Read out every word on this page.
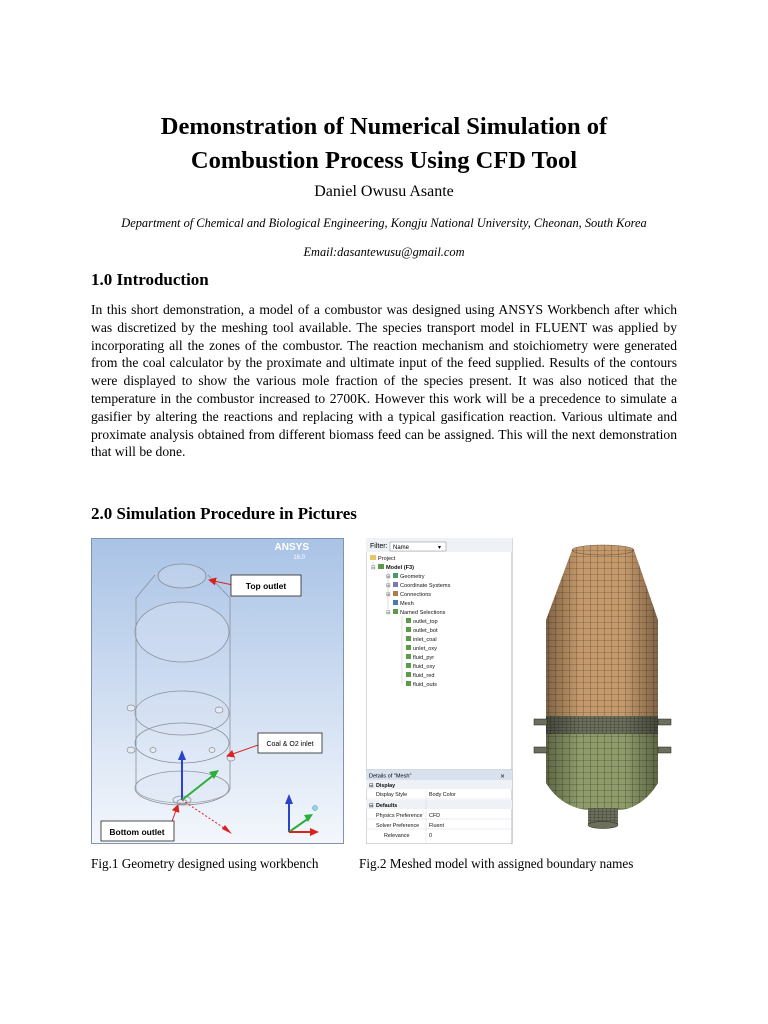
Demonstration of Numerical Simulation of
Combustion Process Using CFD Tool
Daniel Owusu Asante
Department of Chemical and Biological Engineering, Kongju National University, Cheonan, South Korea
Email:dasantewusu@gmail.com
1.0 Introduction
In this short demonstration, a model of a combustor was designed using ANSYS Workbench after which
was discretized by the meshing tool available. The species transport model in FLUENT was applied by
incorporating all the zones of the combustor. The reaction mechanism and stoichiometry were generated
from the coal calculator by the proximate and ultimate input of the feed supplied. Results of the contours
were displayed to show the various mole fraction of the species present. It was also noticed that the
temperature in the combustor increased to 2700K. However this work will be a precedence to simulate a
gasifier by altering the reactions and replacing with a typical gasification reaction. Various ultimate and
proximate analysis obtained from different biomass feed can be assigned. This will the next demonstration
that will be done.
2.0 Simulation Procedure in Pictures
ANSYS
16.0
Top outlet
Coal & O2 inlet
Bottom outlet
Filter: Name	▾
Project
⊟ Model (F3)
⊞ Geometry
⊞ Coordinate Systems
⊞ Connections
Mesh
⊟ Named Selections
outlet_top
outlet_bot
inlet_coal
unlet_oxy
fluid_pyr
fluid_oxy
fluid_red
fluid_outs
Details of "Mesh"	×
⊟ Display
Display Style	Body Color
⊟ Defaults
Physics Preference CFD
Solver Preference Fluent
Relevance	0
Fig.1 Geometry designed using workbench	Fig.2 Meshed model with assigned boundary names
